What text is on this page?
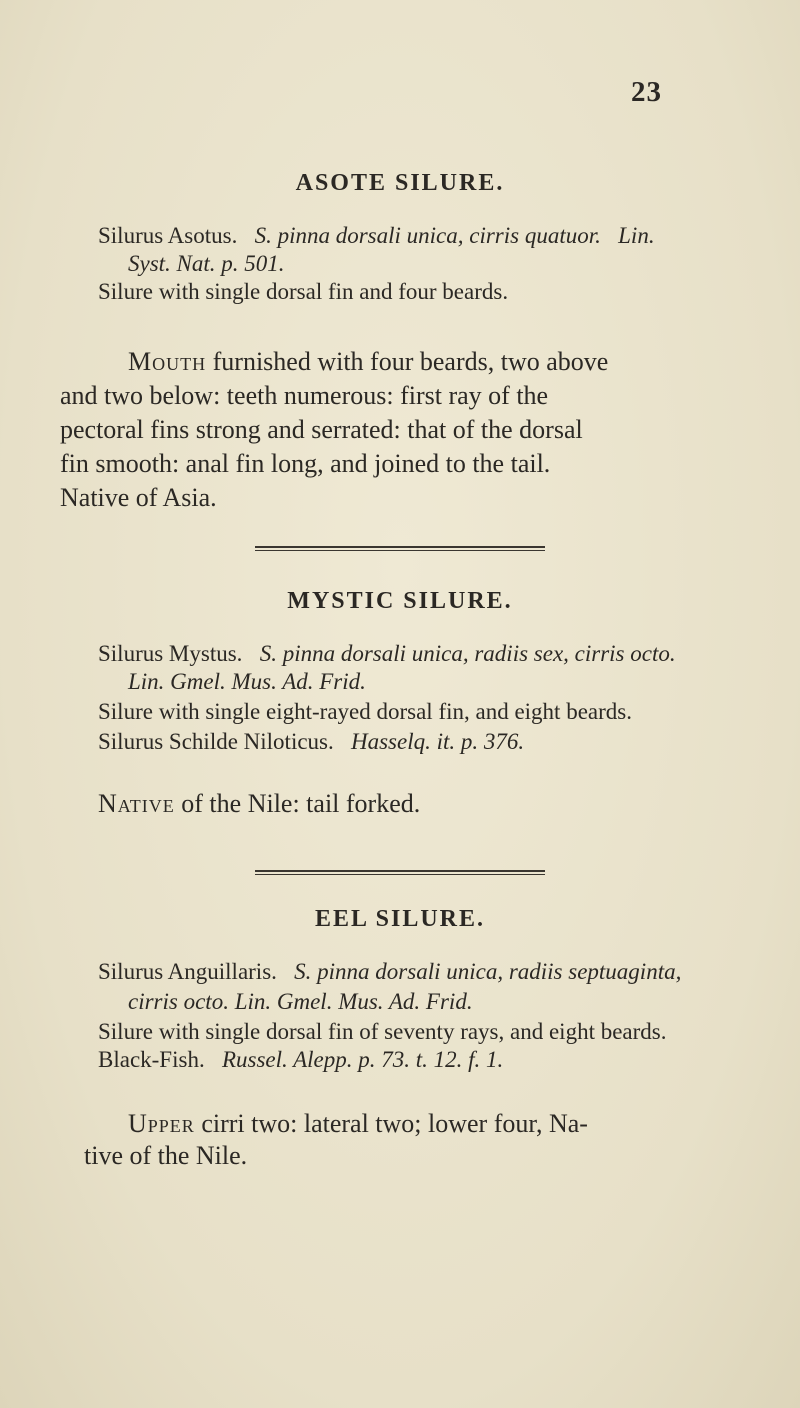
23
ASOTE SILURE.
Silurus Asotus. S. pinna dorsali unica, cirris quatuor. Lin.
Syst. Nat. p. 501.
Silure with single dorsal fin and four beards.
Mouth furnished with four beards, two above
and two below: teeth numerous: first ray of the
pectoral fins strong and serrated: that of the dorsal
fin smooth: anal fin long, and joined to the tail.
Native of Asia.
MYSTIC SILURE.
Silurus Mystus. S. pinna dorsali unica, radiis sex, cirris octo.
Lin. Gmel. Mus. Ad. Frid.
Silure with single eight-rayed dorsal fin, and eight beards.
Silurus Schilde Niloticus. Hasselq. it. p. 376.
Native of the Nile: tail forked.
EEL SILURE.
Silurus Anguillaris. S. pinna dorsali unica, radiis septuaginta,
cirris octo. Lin. Gmel. Mus. Ad. Frid.
Silure with single dorsal fin of seventy rays, and eight beards.
Black-Fish. Russel. Alepp. p. 73. t. 12. f. 1.
Upper cirri two: lateral two; lower four, Na-
tive of the Nile.
